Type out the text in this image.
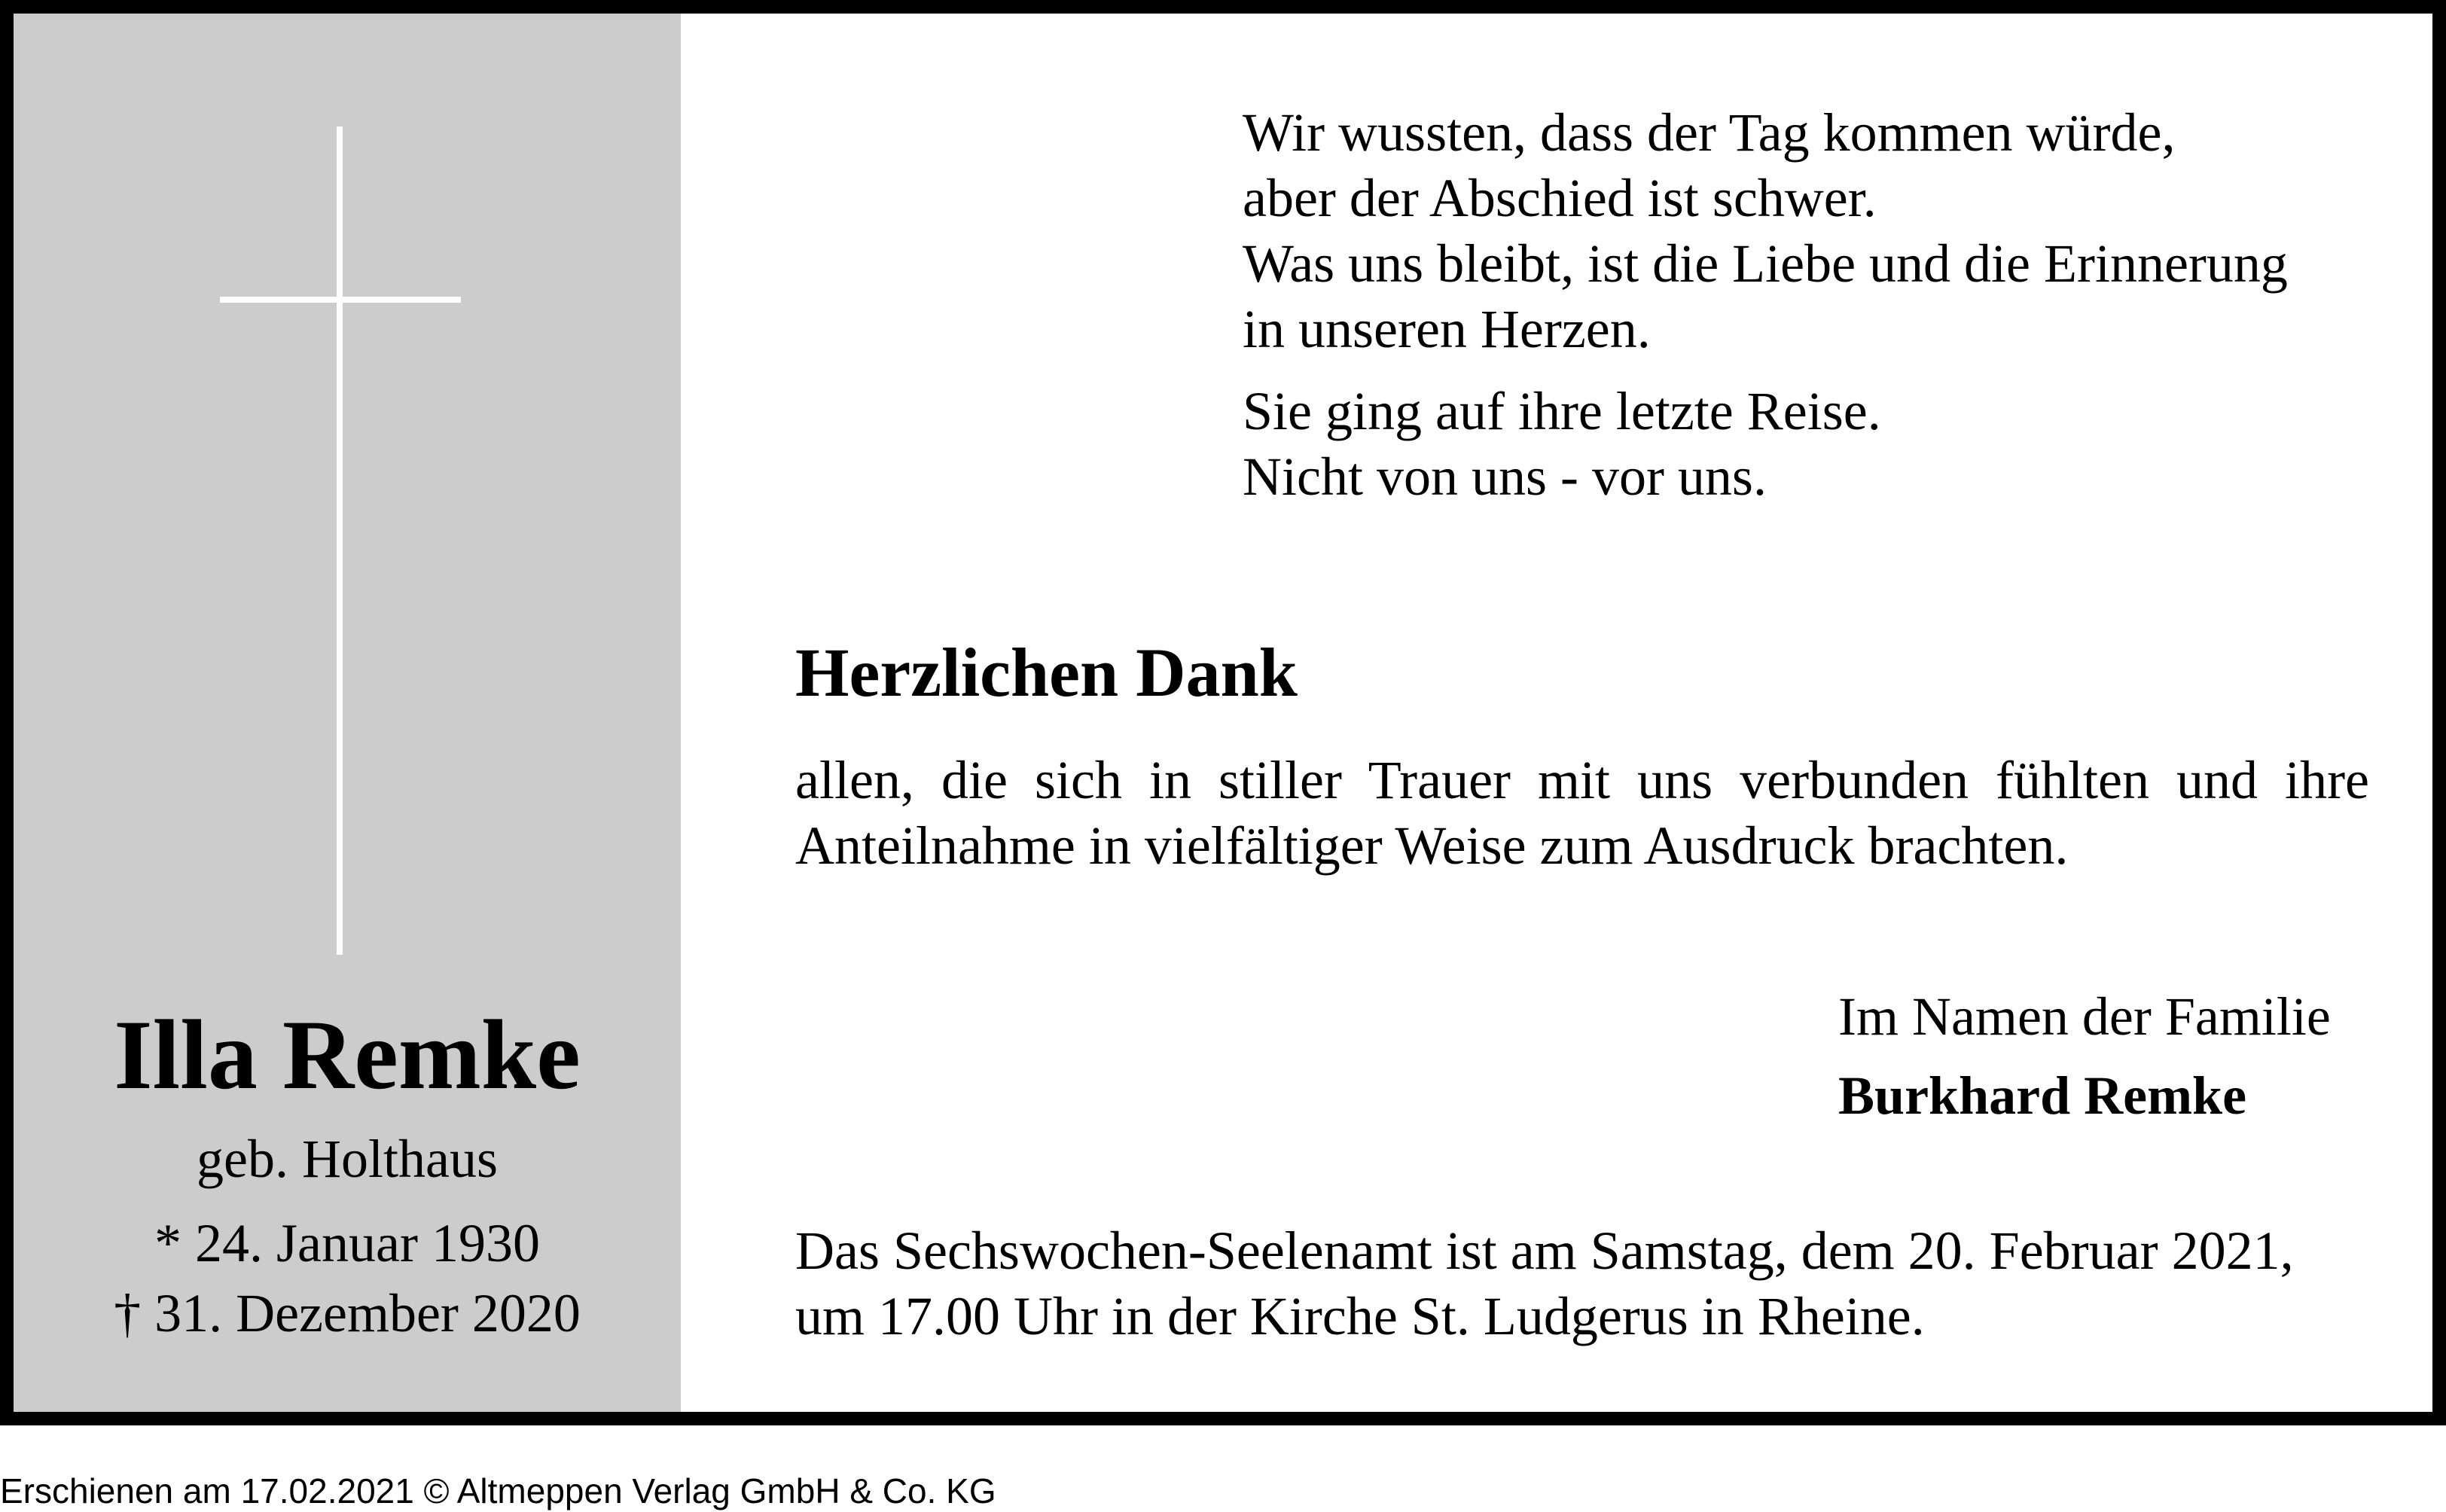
Illa Remke
geb. Holthaus
* 24. Januar 1930
† 31. Dezember 2020
Wir wussten, dass der Tag kommen würde,
aber der Abschied ist schwer.
Was uns bleibt, ist die Liebe und die Erinnerung
in unseren Herzen.
Sie ging auf ihre letzte Reise.
Nicht von uns - vor uns.
Herzlichen Dank
allen, die sich in stiller Trauer mit uns verbunden fühlten und ihre
Anteilnahme in vielfältiger Weise zum Ausdruck brachten.
Im Namen der Familie
Burkhard Remke
Das Sechswochen-Seelenamt ist am Samstag, dem 20. Februar 2021,
um 17.00 Uhr in der Kirche St. Ludgerus in Rheine.
Erschienen am 17.02.2021 © Altmeppen Verlag GmbH & Co. KG
